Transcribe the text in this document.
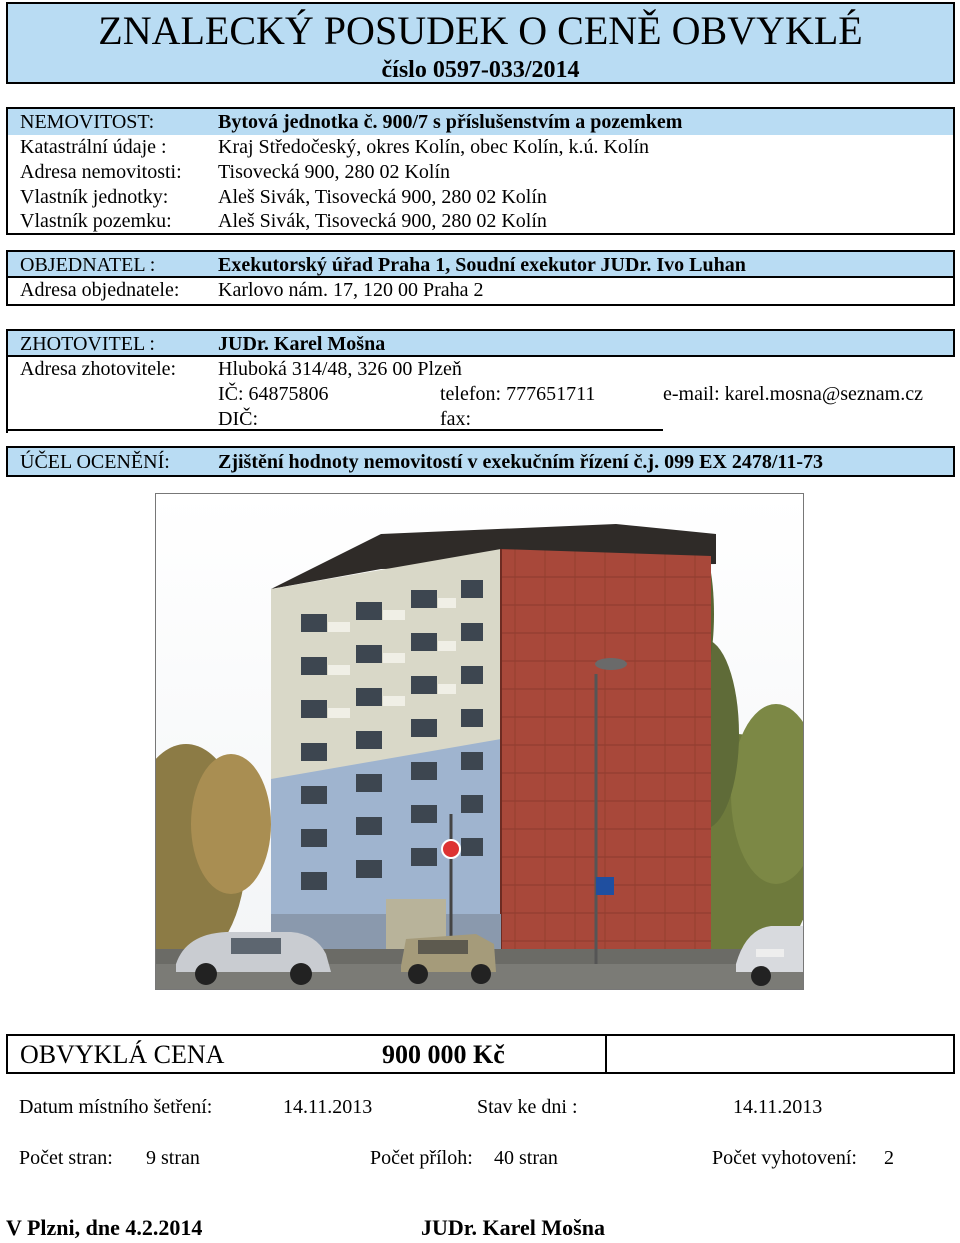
ZNALECKÝ POSUDEK O CENĚ OBVYKLÉ
číslo 0597-033/2014
NEMOVITOST:	Bytová jednotka č. 900/7 s příslušenstvím a pozemkem
Katastrální údaje :	Kraj Středočeský, okres Kolín, obec Kolín, k.ú. Kolín
Adresa nemovitosti: Tisovecká 900, 280 02 Kolín
Vlastník jednotky: Aleš Sivák, Tisovecká 900, 280 02 Kolín
Vlastník pozemku: Aleš Sivák, Tisovecká 900, 280 02 Kolín
OBJEDNATEL :	Exekutorský úřad Praha 1, Soudní exekutor JUDr. Ivo Luhan
Adresa objednatele: Karlovo nám. 17, 120 00 Praha 2
ZHOTOVITEL :	JUDr. Karel Mošna
Adresa zhotovitele: Hluboká 314/48, 326 00 Plzeň
IČ: 64875806	telefon: 777651711	e-mail: karel.mosna@seznam.cz
DIČ:	fax:
ÚČEL OCENĚNÍ: Zjištění hodnoty nemovitostí v exekučním řízení č.j. 099 EX 2478/11-73
OBVYKLÁ CENA	900 000 Kč
Datum místního šetření:	14.11.2013	Stav ke dni :	14.11.2013
Počet stran: 9 stran	Počet příloh: 40 stran	Počet vyhotovení: 2
V Plzni, dne 4.2.2014	JUDr. Karel Mošna
